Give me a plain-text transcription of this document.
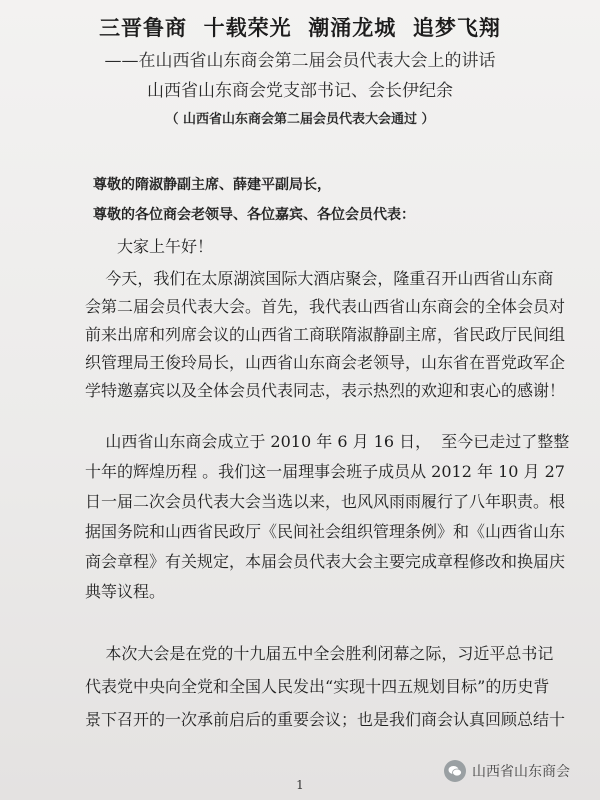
三晋鲁商  十载荣光  潮涌龙城  追梦飞翔
——在山西省山东商会第二届会员代表大会上的讲话
山西省山东商会党支部书记、会长伊纪余
（ 山西省山东商会第二届会员代表大会通过 ）
尊敬的隋淑静副主席、薛建平副局长，
尊敬的各位商会老领导、各位嘉宾、各位会员代表：
大家上午好！
今天，我们在太原湖滨国际大酒店聚会，隆重召开山西省山东商
会第二届会员代表大会。首先，我代表山西省山东商会的全体会员对
前来出席和列席会议的山西省工商联隋淑静副主席，省民政厅民间组
织管理局王俊玲局长，山西省山东商会老领导，山东省在晋党政军企
学特邀嘉宾以及全体会员代表同志，表示热烈的欢迎和衷心的感谢！
山西省山东商会成立于 2010 年 6 月 16 日，  至今已走过了整整
十年的辉煌历程 。我们这一届理事会班子成员从 2012 年 10 月 27
日一届二次会员代表大会当选以来，也风风雨雨履行了八年职责。根
据国务院和山西省民政厅《民间社会组织管理条例》和《山西省山东
商会章程》有关规定，本届会员代表大会主要完成章程修改和换届庆
典等议程。
本次大会是在党的十九届五中全会胜利闭幕之际，习近平总书记
代表党中央向全党和全国人民发出“实现十四五规划目标”的历史背
景下召开的一次承前启后的重要会议；也是我们商会认真回顾总结十
1
山西省山东商会
